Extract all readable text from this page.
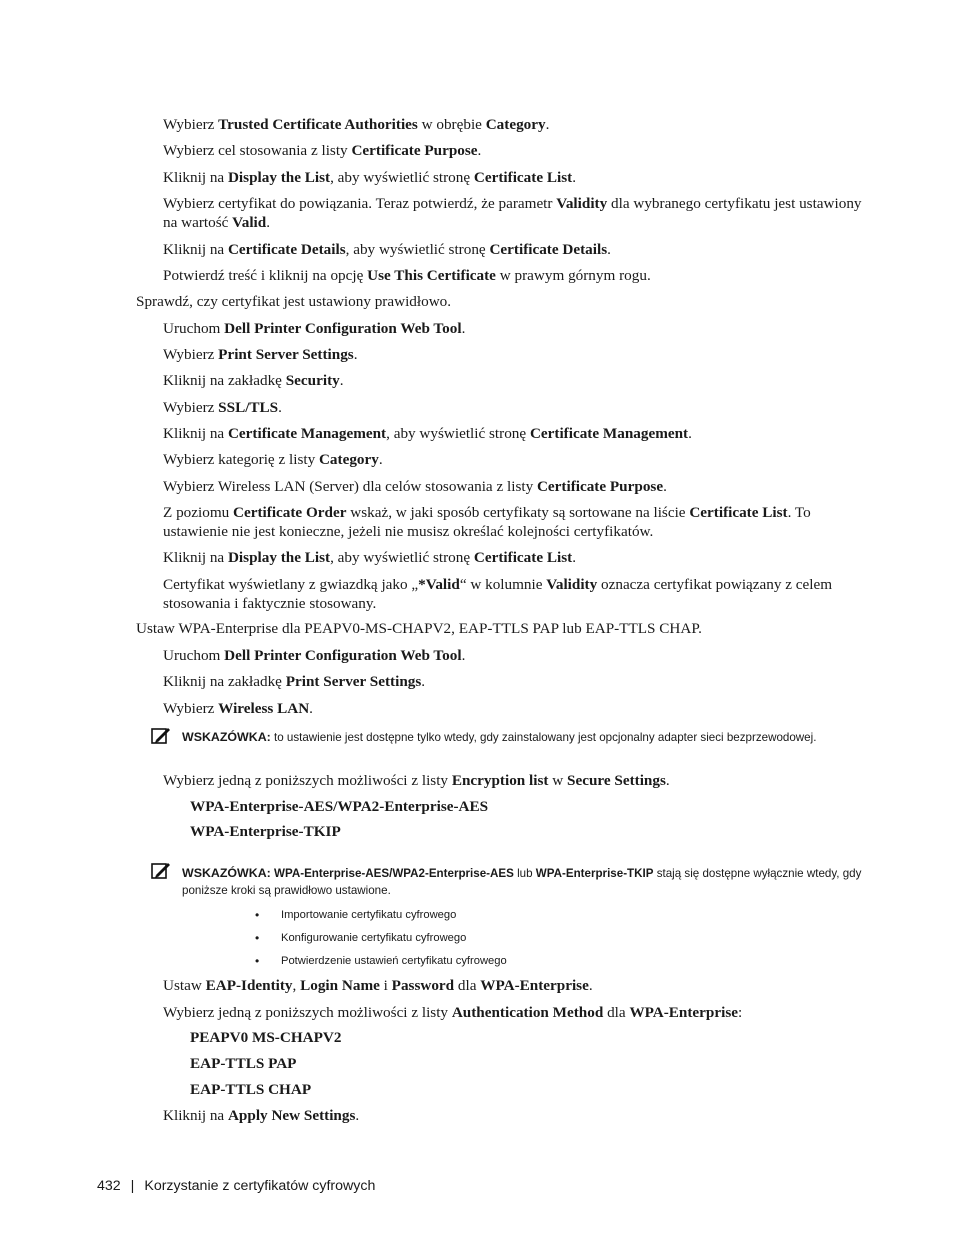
Wybierz Trusted Certificate Authorities w obrębie Category.
Wybierz cel stosowania z listy Certificate Purpose.
Kliknij na Display the List, aby wyświetlić stronę Certificate List.
Wybierz certyfikat do powiązania. Teraz potwierdź, że parametr Validity dla wybranego certyfikatu jest ustawiony na wartość Valid.
Kliknij na Certificate Details, aby wyświetlić stronę Certificate Details.
Potwierdź treść i kliknij na opcję Use This Certificate w prawym górnym rogu.
Sprawdź, czy certyfikat jest ustawiony prawidłowo.
Uruchom Dell Printer Configuration Web Tool.
Wybierz Print Server Settings.
Kliknij na zakładkę Security.
Wybierz SSL/TLS.
Kliknij na Certificate Management, aby wyświetlić stronę Certificate Management.
Wybierz kategorię z listy Category.
Wybierz Wireless LAN (Server) dla celów stosowania z listy Certificate Purpose.
Z poziomu Certificate Order wskaż, w jaki sposób certyfikaty są sortowane na liście Certificate List. To ustawienie nie jest konieczne, jeżeli nie musisz określać kolejności certyfikatów.
Kliknij na Display the List, aby wyświetlić stronę Certificate List.
Certyfikat wyświetlany z gwiazdką jako „*Valid“ w kolumnie Validity oznacza certyfikat powiązany z celem stosowania i faktycznie stosowany.
Ustaw WPA-Enterprise dla PEAPV0-MS-CHAPV2, EAP-TTLS PAP lub EAP-TTLS CHAP.
Uruchom Dell Printer Configuration Web Tool.
Kliknij na zakładkę Print Server Settings.
Wybierz Wireless LAN.
WSKAZÓWKA: to ustawienie jest dostępne tylko wtedy, gdy zainstalowany jest opcjonalny adapter sieci bezprzewodowej.
Wybierz jedną z poniższych możliwości z listy Encryption list w Secure Settings.
WPA-Enterprise-AES/WPA2-Enterprise-AES
WPA-Enterprise-TKIP
WSKAZÓWKA: WPA-Enterprise-AES/WPA2-Enterprise-AES lub WPA-Enterprise-TKIP stają się dostępne wyłącznie wtedy, gdy poniższe kroki są prawidłowo ustawione.
• Importowanie certyfikatu cyfrowego
• Konfigurowanie certyfikatu cyfrowego
• Potwierdzenie ustawień certyfikatu cyfrowego
Ustaw EAP-Identity, Login Name i Password dla WPA-Enterprise.
Wybierz jedną z poniższych możliwości z listy Authentication Method dla WPA-Enterprise:
PEAPV0 MS-CHAPV2
EAP-TTLS PAP
EAP-TTLS CHAP
Kliknij na Apply New Settings.
432 | Korzystanie z certyfikatów cyfrowych
